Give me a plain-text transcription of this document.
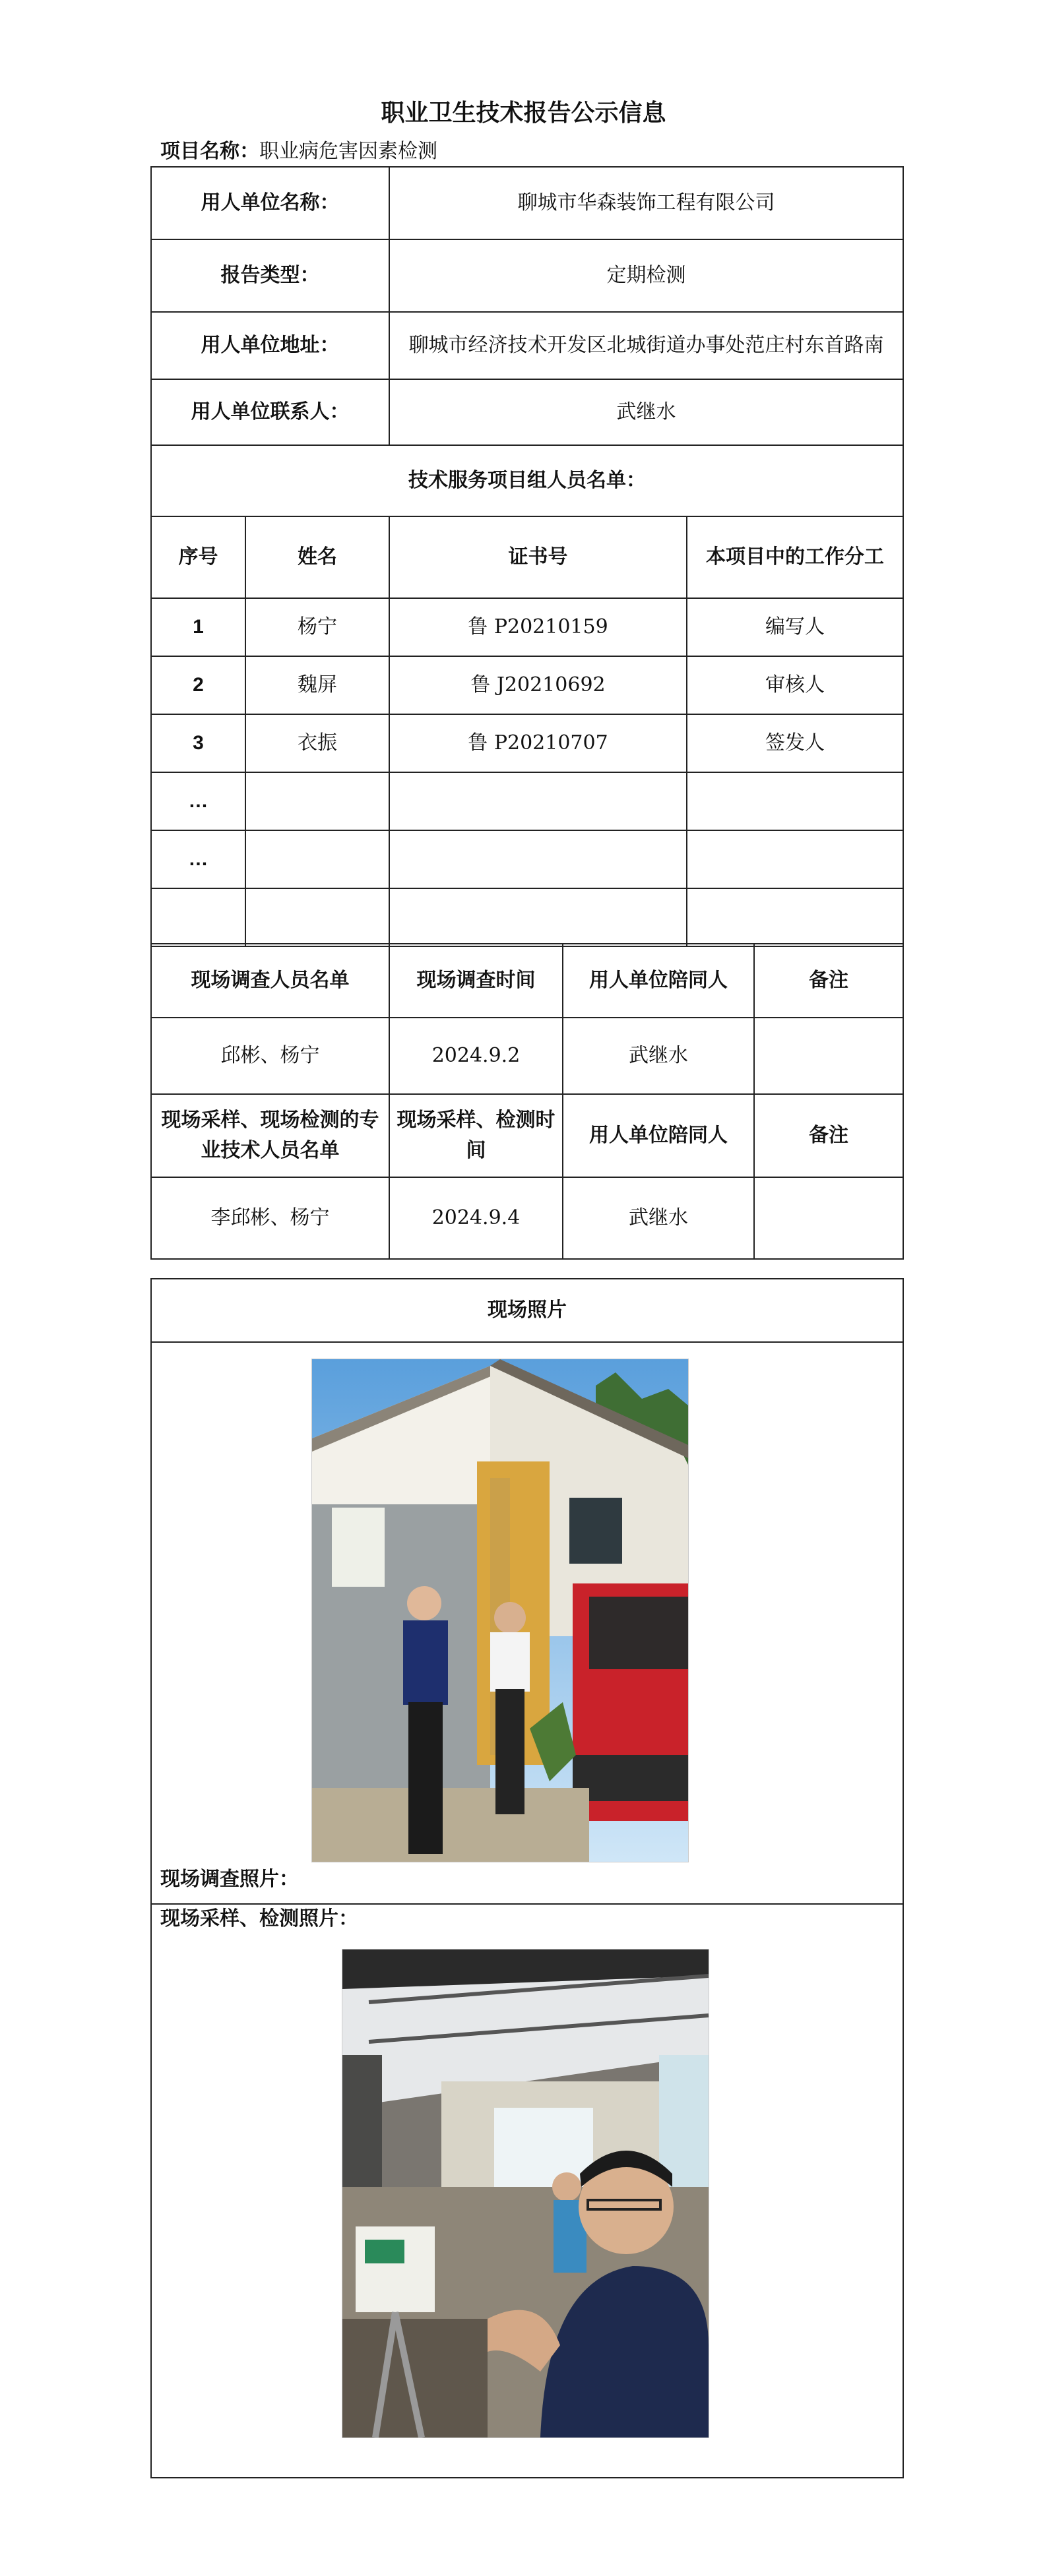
职业卫生技术报告公示信息
项目名称：职业病危害因素检测
用人单位名称：		聊城市华森装饰工程有限公司	
报告类型：		定期检测	
用人单位地址：		聊城市经济技术开发区北城街道办事处范庄村东首路南	
用人单位联系人：		武继水	
技术服务项目组人员名单：			
序号	姓名	证书号	本项目中的工作分工
1	杨宁	鲁 P20210159	编写人
2	魏屏	鲁 J20210692	审核人
3	衣振	鲁 P20210707	签发人
…			
…			

现场调查人员名单	现场调查时间	用人单位陪同人	备注
邱彬、杨宁	2024.9.2	武继水	
现场采样、现场检测的专业技术人员名单	现场采样、检测时间	用人单位陪同人	备注
李邱彬、杨宁	2024.9.4	武继水	
现场照片

现场调查照片：
现场采样、检测照片：
